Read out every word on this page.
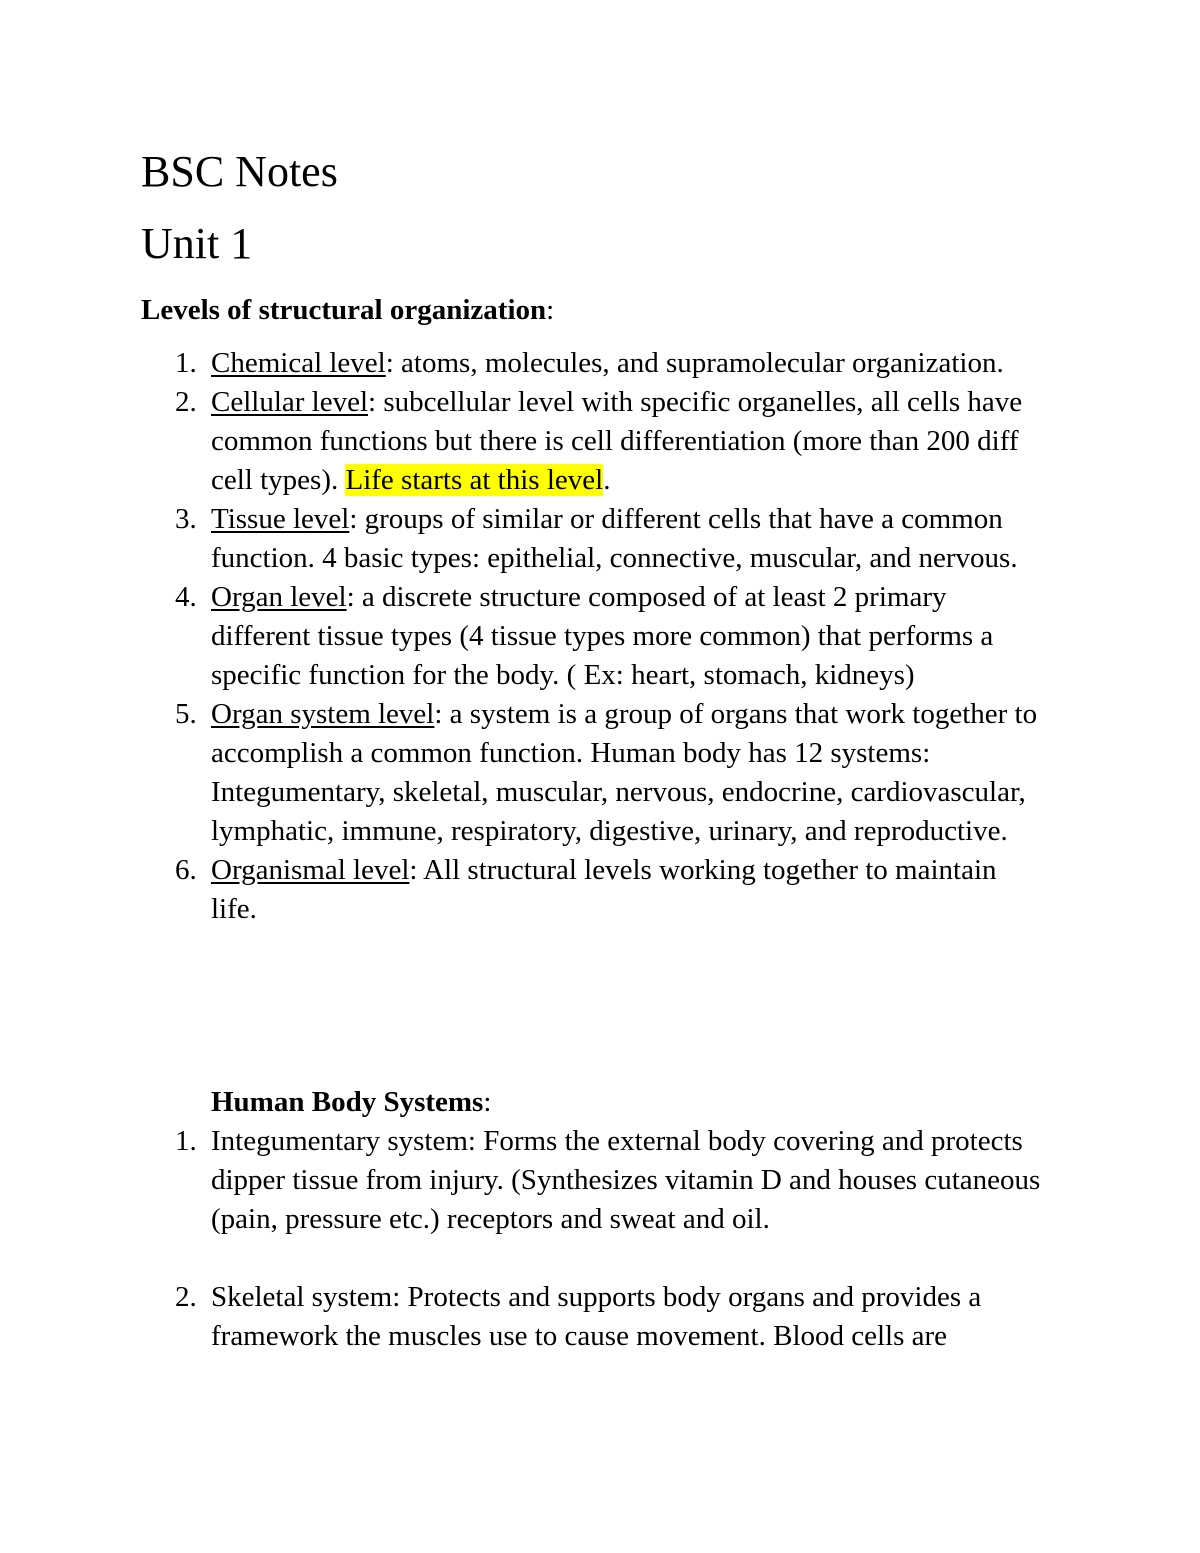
BSC Notes
Unit 1
Levels of structural organization:
1. Chemical level: atoms, molecules, and supramolecular organization.
2. Cellular level: subcellular level with specific organelles, all cells have common functions but there is cell differentiation (more than 200 diff cell types). Life starts at this level.
3. Tissue level: groups of similar or different cells that have a common function. 4 basic types: epithelial, connective, muscular, and nervous.
4. Organ level: a discrete structure composed of at least 2 primary different tissue types (4 tissue types more common) that performs a specific function for the body. ( Ex: heart, stomach, kidneys)
5. Organ system level: a system is a group of organs that work together to accomplish a common function. Human body has 12 systems: Integumentary, skeletal, muscular, nervous, endocrine, cardiovascular, lymphatic, immune, respiratory, digestive, urinary, and reproductive.
6. Organismal level: All structural levels working together to maintain life.
Human Body Systems:
1. Integumentary system: Forms the external body covering and protects dipper tissue from injury. (Synthesizes vitamin D and houses cutaneous (pain, pressure etc.) receptors and sweat and oil.
2. Skeletal system: Protects and supports body organs and provides a framework the muscles use to cause movement. Blood cells are
